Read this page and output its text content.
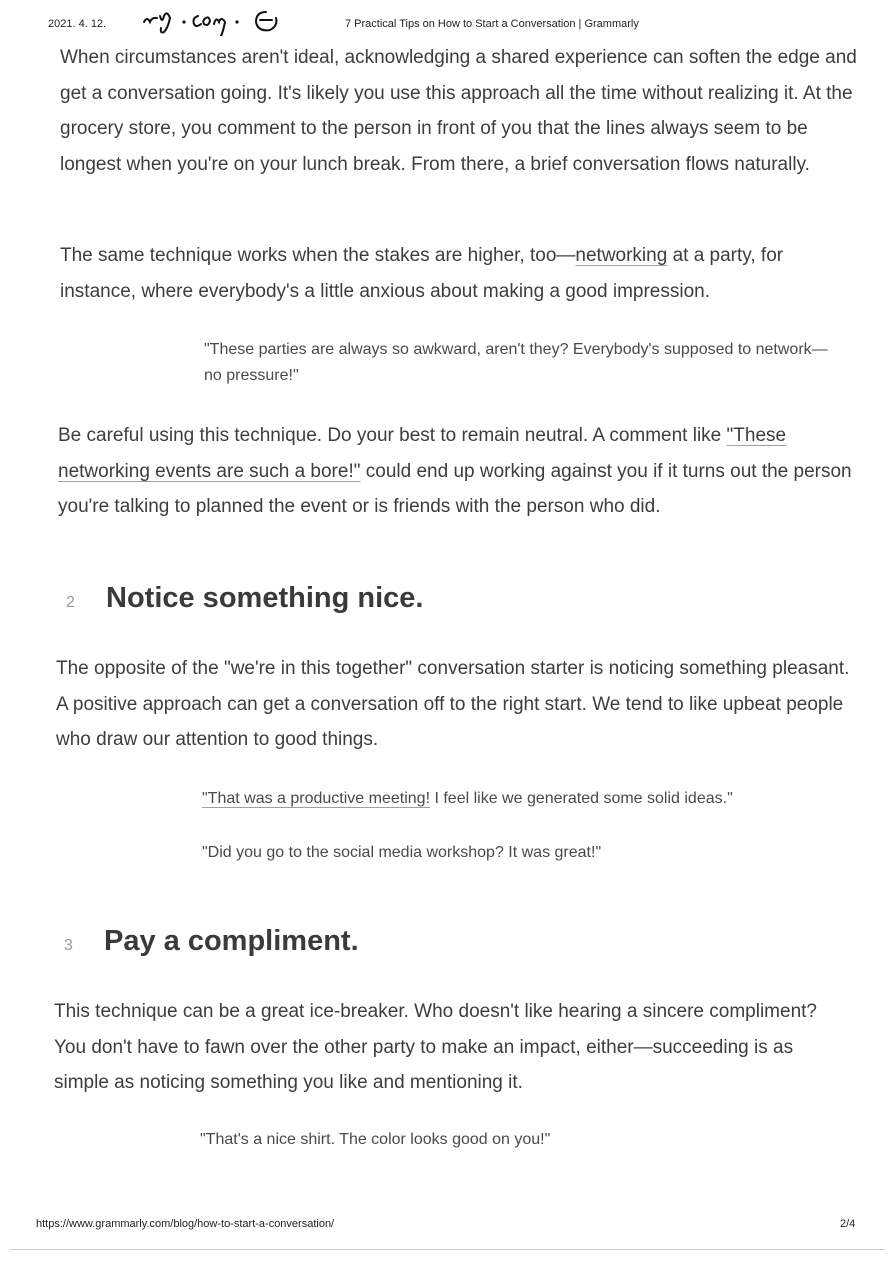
2021. 4. 12.	7 Practical Tips on How to Start a Conversation | Grammarly

When circumstances aren't ideal, acknowledging a shared experience can soften the edge and get a conversation going. It's likely you use this approach all the time without realizing it. At the grocery store, you comment to the person in front of you that the lines always seem to be longest when you're on your lunch break. From there, a brief conversation flows naturally.

The same technique works when the stakes are higher, too—networking at a party, for instance, where everybody's a little anxious about making a good impression.

"These parties are always so awkward, aren't they? Everybody's supposed to network—no pressure!"

Be careful using this technique. Do your best to remain neutral. A comment like "These networking events are such a bore!" could end up working against you if it turns out the person you're talking to planned the event or is friends with the person who did.

2	Notice something nice.

The opposite of the "we're in this together" conversation starter is noticing something pleasant. A positive approach can get a conversation off to the right start. We tend to like upbeat people who draw our attention to good things.

"That was a productive meeting! I feel like we generated some solid ideas."

"Did you go to the social media workshop? It was great!"

3	Pay a compliment.

This technique can be a great ice-breaker. Who doesn't like hearing a sincere compliment? You don't have to fawn over the other party to make an impact, either—succeeding is as simple as noticing something you like and mentioning it.

"That's a nice shirt. The color looks good on you!"

https://www.grammarly.com/blog/how-to-start-a-conversation/	2/4
